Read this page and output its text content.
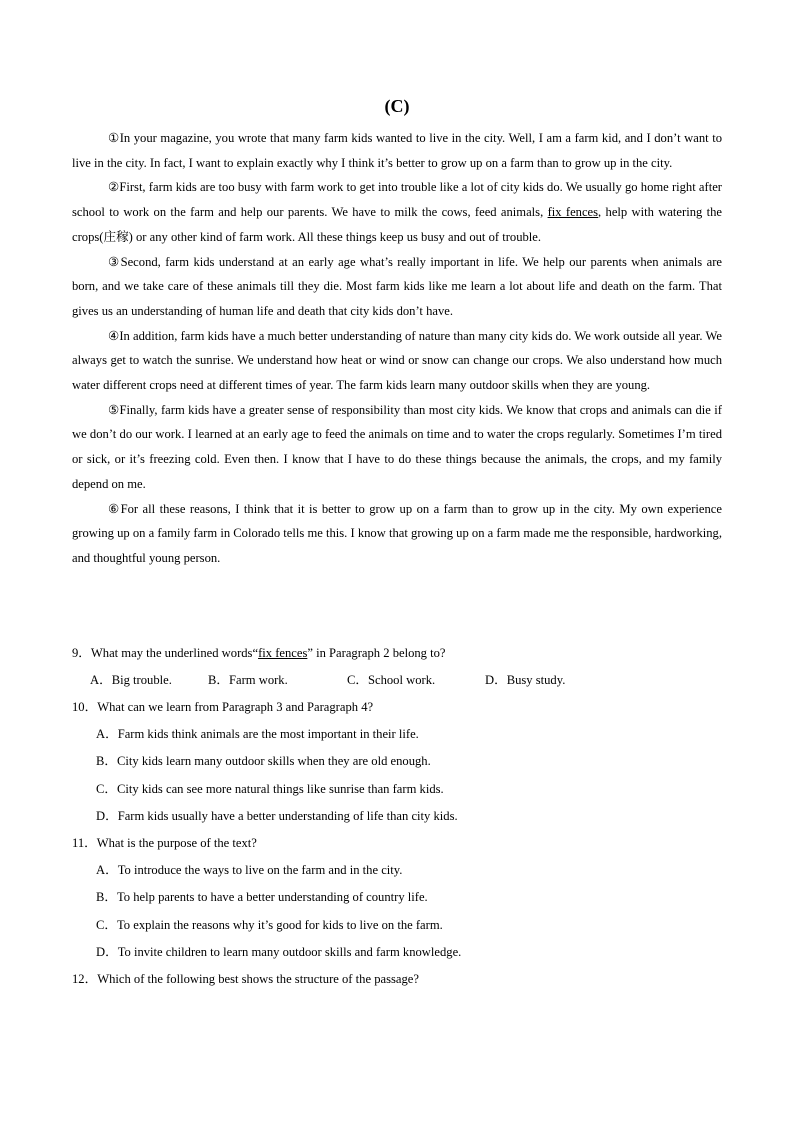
(C)

①In your magazine, you wrote that many farm kids wanted to live in the city. Well, I am a farm kid, and I don’t want to live in the city. In fact, I want to explain exactly why I think it’s better to grow up on a farm than to grow up in the city.

②First, farm kids are too busy with farm work to get into trouble like a lot of city kids do. We usually go home right after school to work on the farm and help our parents. We have to milk the cows, feed animals, fix fences, help with watering the crops(庄稼) or any other kind of farm work. All these things keep us busy and out of trouble.

③Second, farm kids understand at an early age what’s really important in life. We help our parents when animals are born, and we take care of these animals till they die. Most farm kids like me learn a lot about life and death on the farm. That gives us an understanding of human life and death that city kids don’t have.

④In addition, farm kids have a much better understanding of nature than many city kids do. We work outside all year. We always get to watch the sunrise. We understand how heat or wind or snow can change our crops. We also understand how much water different crops need at different times of year. The farm kids learn many outdoor skills when they are young.

⑤Finally, farm kids have a greater sense of responsibility than most city kids. We know that crops and animals can die if we don’t do our work. I learned at an early age to feed the animals on time and to water the crops regularly. Sometimes I’m tired or sick, or it’s freezing cold. Even then. I know that I have to do these things because the animals, the crops, and my family depend on me.

⑥For all these reasons, I think that it is better to grow up on a farm than to grow up in the city. My own experience growing up on a family farm in Colorado tells me this. I know that growing up on a farm made me the responsible, hardworking, and thoughtful young person.

9．What may the underlined words“fix fences” in Paragraph 2 belong to?

A．Big trouble.	B．Farm work.	C．School work.	D．Busy study.

10．What can we learn from Paragraph 3 and Paragraph 4?

A．Farm kids think animals are the most important in their life.

B．City kids learn many outdoor skills when they are old enough.

C．City kids can see more natural things like sunrise than farm kids.

D．Farm kids usually have a better understanding of life than city kids.

11．What is the purpose of the text?

A．To introduce the ways to live on the farm and in the city.

B．To help parents to have a better understanding of country life.

C．To explain the reasons why it’s good for kids to live on the farm.

D．To invite children to learn many outdoor skills and farm knowledge.

12．Which of the following best shows the structure of the passage?
